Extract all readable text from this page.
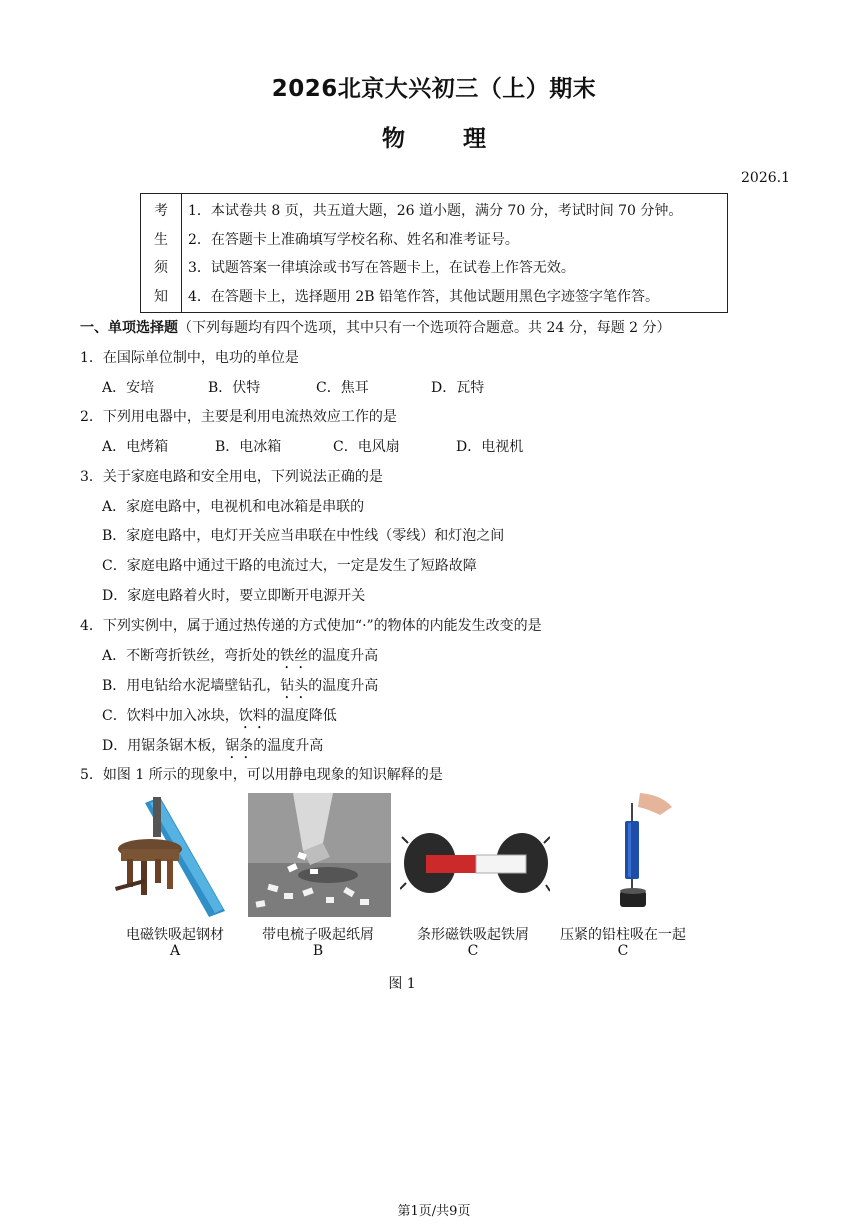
2026北京大兴初三（上）期末
物 理
2026.1
考
生
须
知
1．本试卷共 8 页，共五道大题，26 道小题，满分 70 分，考试时间 70 分钟。
2．在答题卡上准确填写学校名称、姓名和准考证号。
3．试题答案一律填涂或书写在答题卡上，在试卷上作答无效。
4．在答题卡上，选择题用 2B 铅笔作答，其他试题用黑色字迹签字笔作答。
一、单项选择题（下列每题均有四个选项，其中只有一个选项符合题意。共 24 分，每题 2 分）
1．在国际单位制中，电功的单位是
A．安培	B．伏特	C．焦耳	D．瓦特
2．下列用电器中，主要是利用电流热效应工作的是
A．电烤箱	B．电冰箱	C．电风扇	D．电视机
3．关于家庭电路和安全用电，下列说法正确的是
A．家庭电路中，电视机和电冰箱是串联的
B．家庭电路中，电灯开关应当串联在中性线（零线）和灯泡之间
C．家庭电路中通过干路的电流过大，一定是发生了短路故障
D．家庭电路着火时，要立即断开电源开关
4．下列实例中，属于通过热传递的方式使加“·”的物体的内能发生改变的是
A．不断弯折铁丝，弯折处的铁丝的温度升高
B．用电钻给水泥墙壁钻孔，钻头的温度升高
C．饮料中加入冰块，饮料的温度降低
D．用锯条锯木板，锯条的温度升高
5．如图 1 所示的现象中，可以用静电现象的知识解释的是
电磁铁吸起钢材
A
带电梳子吸起纸屑
B
条形磁铁吸起铁屑
C
压紧的铅柱吸在一起
C
图 1
第1页/共9页
